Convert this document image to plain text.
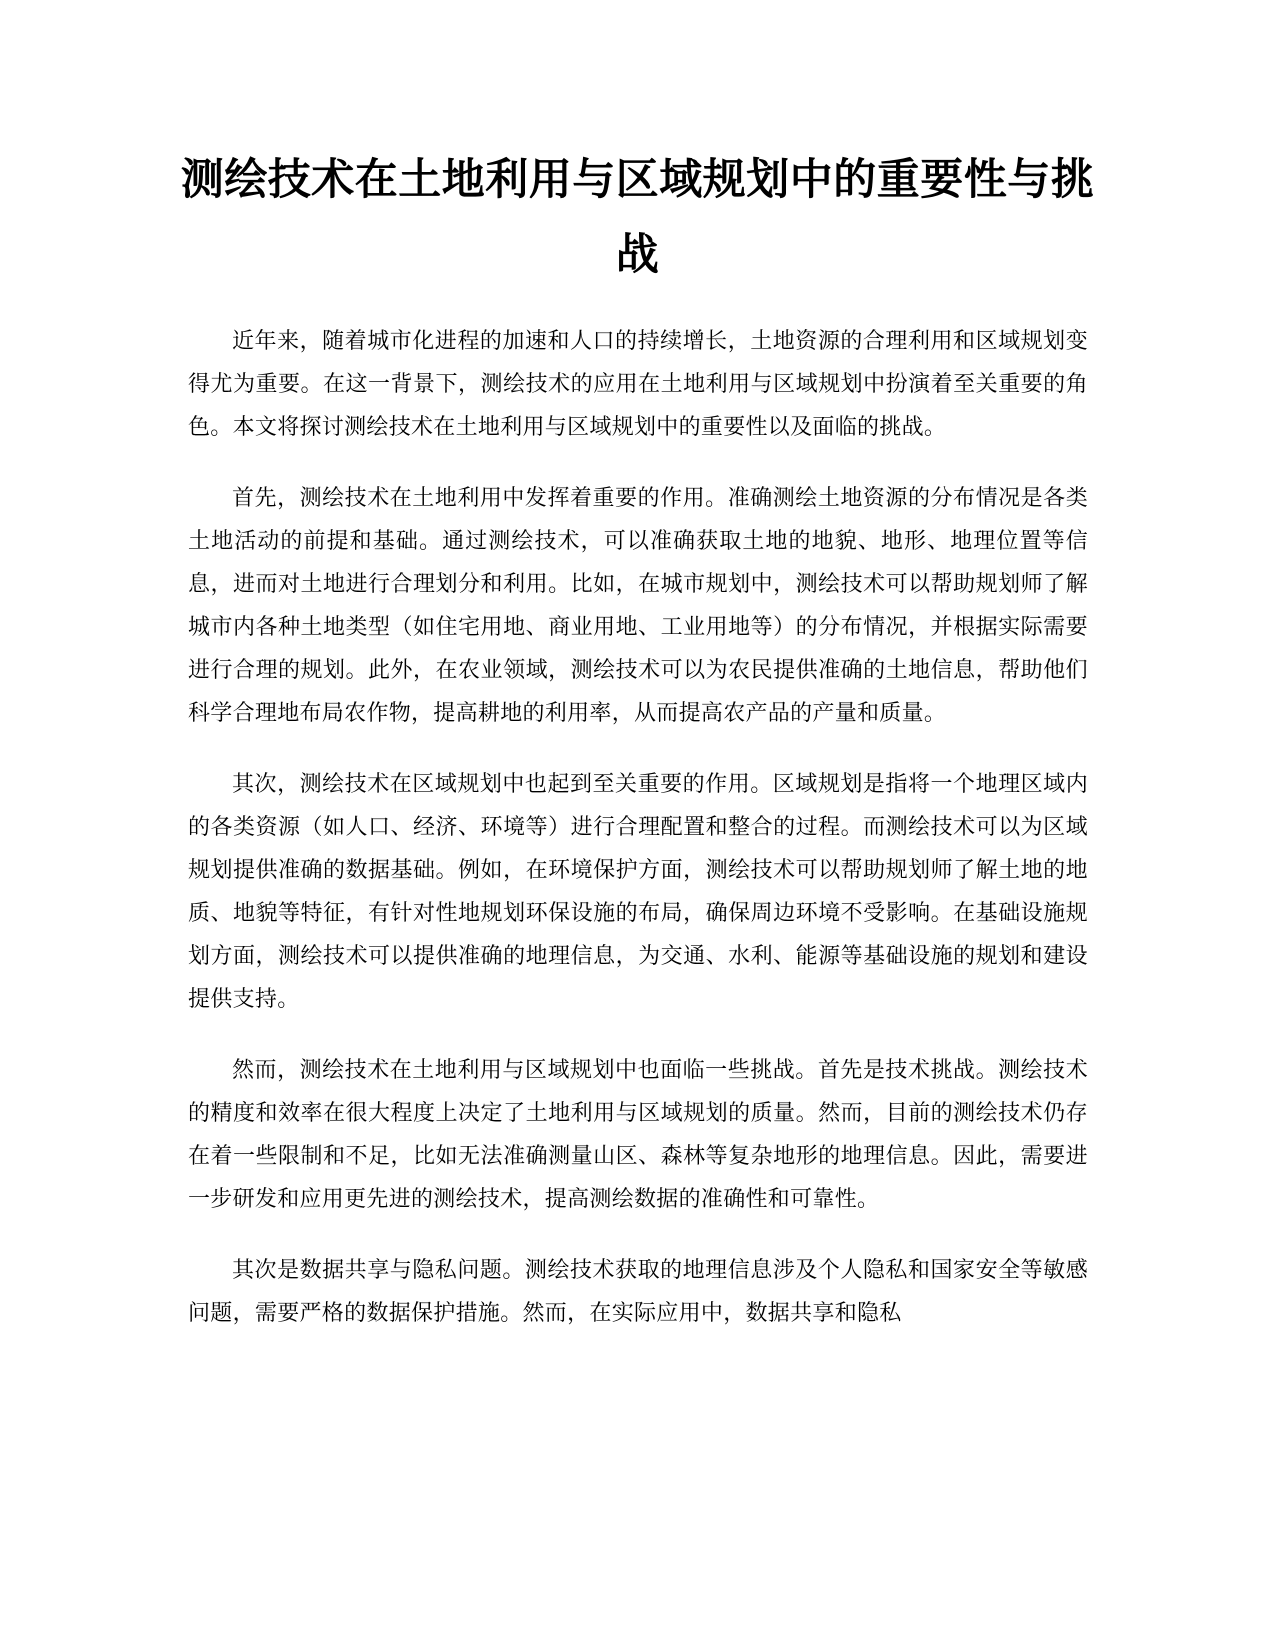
测绘技术在土地利用与区域规划中的重要性与挑战

近年来，随着城市化进程的加速和人口的持续增长，土地资源的合理利用和区域规划变得尤为重要。在这一背景下，测绘技术的应用在土地利用与区域规划中扮演着至关重要的角色。本文将探讨测绘技术在土地利用与区域规划中的重要性以及面临的挑战。

首先，测绘技术在土地利用中发挥着重要的作用。准确测绘土地资源的分布情况是各类土地活动的前提和基础。通过测绘技术，可以准确获取土地的地貌、地形、地理位置等信息，进而对土地进行合理划分和利用。比如，在城市规划中，测绘技术可以帮助规划师了解城市内各种土地类型（如住宅用地、商业用地、工业用地等）的分布情况，并根据实际需要进行合理的规划。此外，在农业领域，测绘技术可以为农民提供准确的土地信息，帮助他们科学合理地布局农作物，提高耕地的利用率，从而提高农产品的产量和质量。

其次，测绘技术在区域规划中也起到至关重要的作用。区域规划是指将一个地理区域内的各类资源（如人口、经济、环境等）进行合理配置和整合的过程。而测绘技术可以为区域规划提供准确的数据基础。例如，在环境保护方面，测绘技术可以帮助规划师了解土地的地质、地貌等特征，有针对性地规划环保设施的布局，确保周边环境不受影响。在基础设施规划方面，测绘技术可以提供准确的地理信息，为交通、水利、能源等基础设施的规划和建设提供支持。

然而，测绘技术在土地利用与区域规划中也面临一些挑战。首先是技术挑战。测绘技术的精度和效率在很大程度上决定了土地利用与区域规划的质量。然而，目前的测绘技术仍存在着一些限制和不足，比如无法准确测量山区、森林等复杂地形的地理信息。因此，需要进一步研发和应用更先进的测绘技术，提高测绘数据的准确性和可靠性。

其次是数据共享与隐私问题。测绘技术获取的地理信息涉及个人隐私和国家安全等敏感问题，需要严格的数据保护措施。然而，在实际应用中，数据共享和隐私
